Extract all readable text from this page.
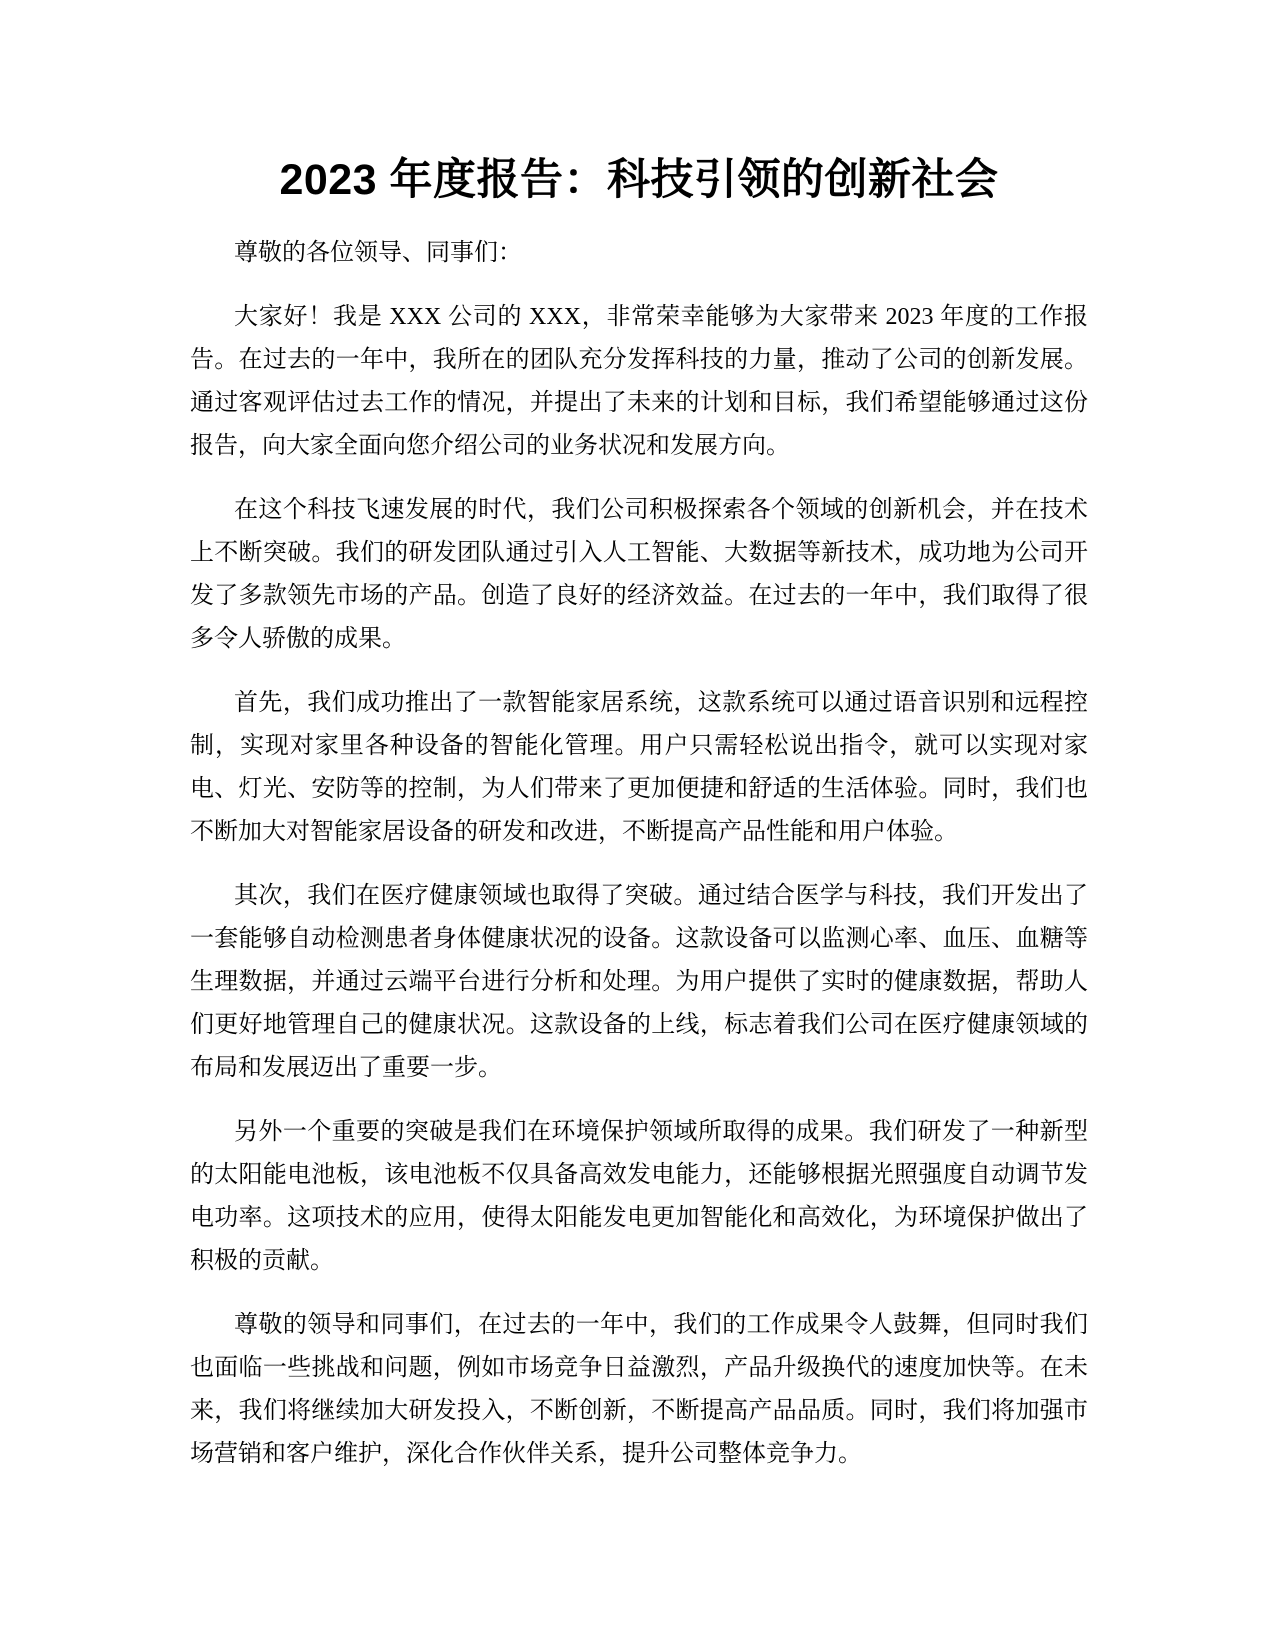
2023 年度报告：科技引领的创新社会

尊敬的各位领导、同事们：

大家好！我是 XXX 公司的 XXX，非常荣幸能够为大家带来 2023 年度的工作报告。在过去的一年中，我所在的团队充分发挥科技的力量，推动了公司的创新发展。通过客观评估过去工作的情况，并提出了未来的计划和目标，我们希望能够通过这份报告，向大家全面向您介绍公司的业务状况和发展方向。

在这个科技飞速发展的时代，我们公司积极探索各个领域的创新机会，并在技术上不断突破。我们的研发团队通过引入人工智能、大数据等新技术，成功地为公司开发了多款领先市场的产品。创造了良好的经济效益。在过去的一年中，我们取得了很多令人骄傲的成果。

首先，我们成功推出了一款智能家居系统，这款系统可以通过语音识别和远程控制，实现对家里各种设备的智能化管理。用户只需轻松说出指令，就可以实现对家电、灯光、安防等的控制，为人们带来了更加便捷和舒适的生活体验。同时，我们也不断加大对智能家居设备的研发和改进，不断提高产品性能和用户体验。

其次，我们在医疗健康领域也取得了突破。通过结合医学与科技，我们开发出了一套能够自动检测患者身体健康状况的设备。这款设备可以监测心率、血压、血糖等生理数据，并通过云端平台进行分析和处理。为用户提供了实时的健康数据，帮助人们更好地管理自己的健康状况。这款设备的上线，标志着我们公司在医疗健康领域的布局和发展迈出了重要一步。

另外一个重要的突破是我们在环境保护领域所取得的成果。我们研发了一种新型的太阳能电池板，该电池板不仅具备高效发电能力，还能够根据光照强度自动调节发电功率。这项技术的应用，使得太阳能发电更加智能化和高效化，为环境保护做出了积极的贡献。

尊敬的领导和同事们，在过去的一年中，我们的工作成果令人鼓舞，但同时我们也面临一些挑战和问题，例如市场竞争日益激烈，产品升级换代的速度加快等。在未来，我们将继续加大研发投入，不断创新，不断提高产品品质。同时，我们将加强市场营销和客户维护，深化合作伙伴关系，提升公司整体竞争力。
